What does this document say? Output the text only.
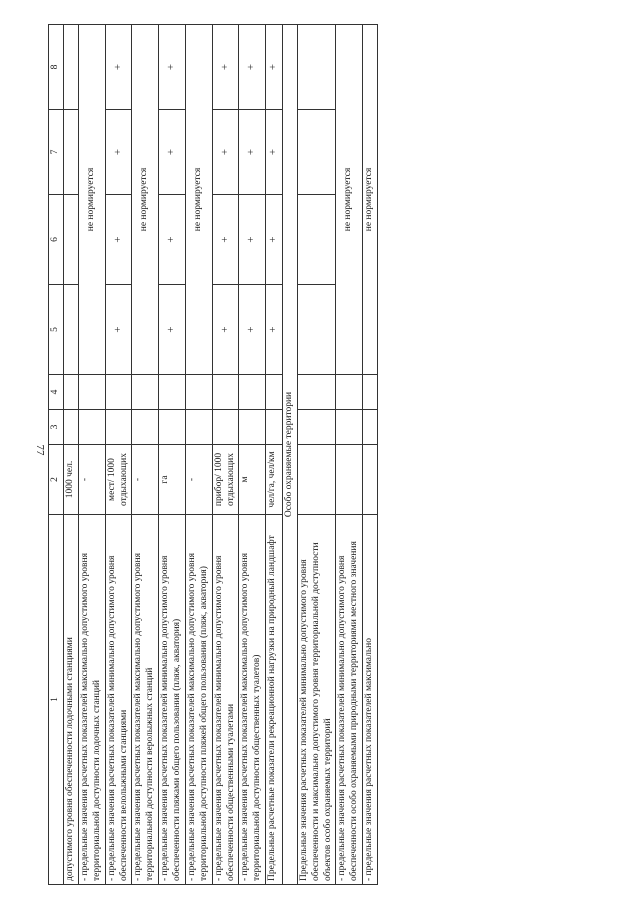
77
1	2	3	4	5	6	7	8
допустимого уровня обеспеченности лодочными станциями	1000 чел.						
- предельные значения расчетных показателей максимально допустимого уровня территориальной доступности лодочных станций	-			не нормируется			
- предельные значения расчетных показателей минимально допустимого уровня обеспеченности велолыжными станциями	мест/ 1000 отдыхающих			+	+	+	+
- предельные значения расчетных показателей максимально допустимого уровня территориальной доступности веролыжных станций	-			не нормируется			
- предельные значения расчетных показателей минимально допустимого уровня обеспеченности пляжами общего пользования (пляж, акватория)	га			+	+	+	+
- предельные значения расчетных показателей максимально допустимого уровня территориальной доступности пляжей общего пользования (пляж, акватория)	-			не нормируется			
- предельные значения расчетных показателей минимально допустимого уровня обеспеченности общественными туалетами	прибор/ 1000 отдыхающих			+	+	+	+
- предельные значения расчетных показателей максимально допустимого уровня территориальной доступности общественных туалетов)	м			+	+	+	+
Предельные расчетные показатели рекреационной нагрузки на природный ландшафт	чел/га, чел/км			+	+	+	+
Особо охраняемые территории							
Предельные значения расчетных показателей минимально допустимого уровня обеспеченности и максимально допустимого уровня территориальной доступности объектов особо охраняемых территорий							
- предельные значения расчетных показателей минимально допустимого уровня обеспеченности особо охраняемыми природными территориями местного значения				не нормируется			
- предельные значения расчетных показателей максимально				не нормируется			
